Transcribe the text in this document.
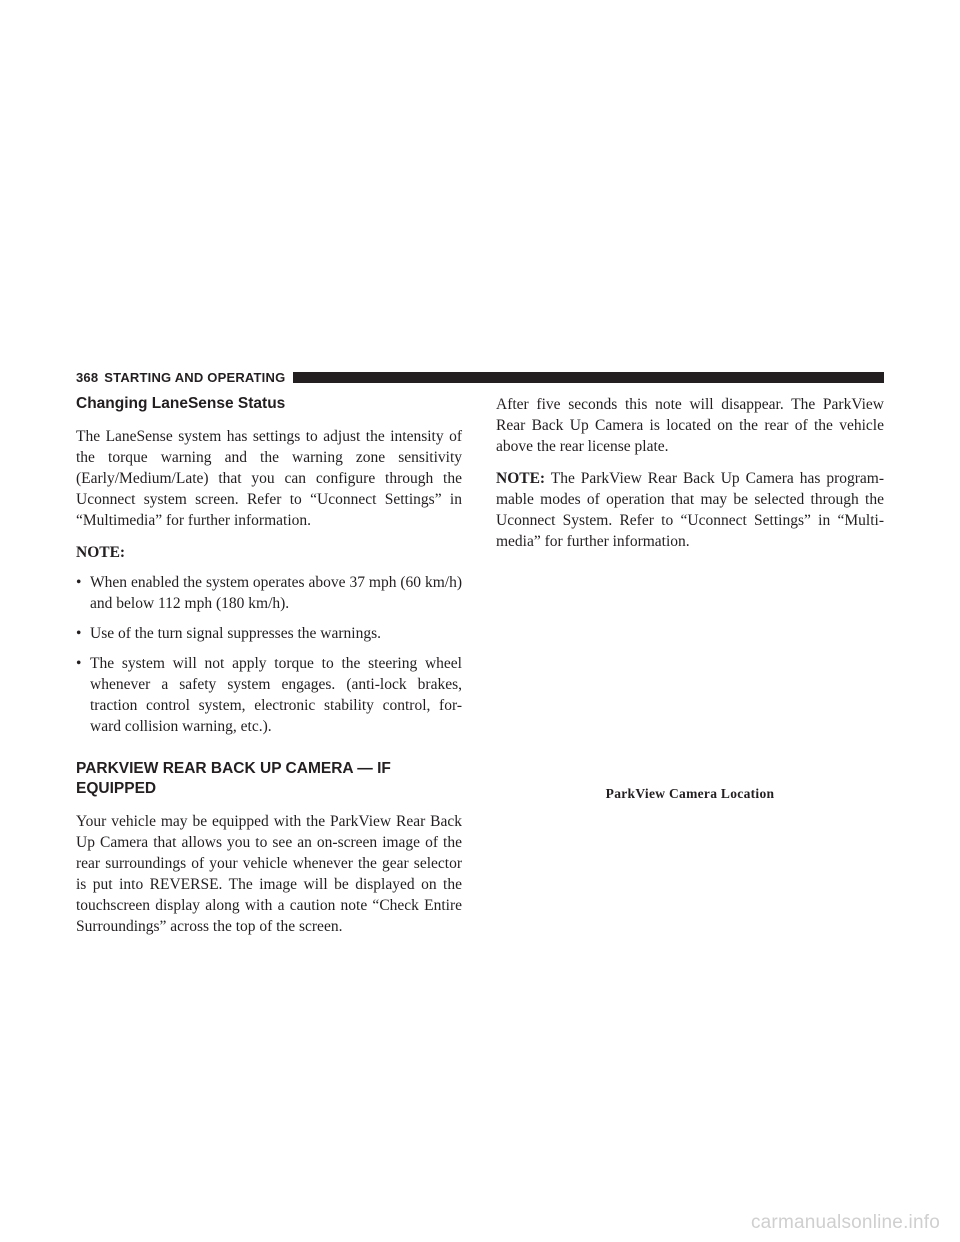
368 STARTING AND OPERATING
Changing LaneSense Status

The LaneSense system has settings to adjust the intensity of the torque warning and the warning zone sensitivity (Early/Medium/Late) that you can configure through the Uconnect system screen. Refer to “Uconnect Settings” in “Multimedia” for further information.

NOTE:

• When enabled the system operates above 37 mph (60 km/h) and below 112 mph (180 km/h).
• Use of the turn signal suppresses the warnings.
• The system will not apply torque to the steering wheel whenever a safety system engages. (anti-lock brakes, traction control system, electronic stability control, for-ward collision warning, etc.).
PARKVIEW REAR BACK UP CAMERA — IF EQUIPPED

Your vehicle may be equipped with the ParkView Rear Back Up Camera that allows you to see an on-screen image of the rear surroundings of your vehicle whenever the gear selector is put into REVERSE. The image will be displayed on the touchscreen display along with a caution note “Check Entire Surroundings” across the top of the screen.

After five seconds this note will disappear. The ParkView Rear Back Up Camera is located on the rear of the vehicle above the rear license plate.

NOTE: The ParkView Rear Back Up Camera has program-mable modes of operation that may be selected through the Uconnect System. Refer to “Uconnect Settings” in “Multi-media” for further information.

ParkView Camera Location
carmanualsonline.info
